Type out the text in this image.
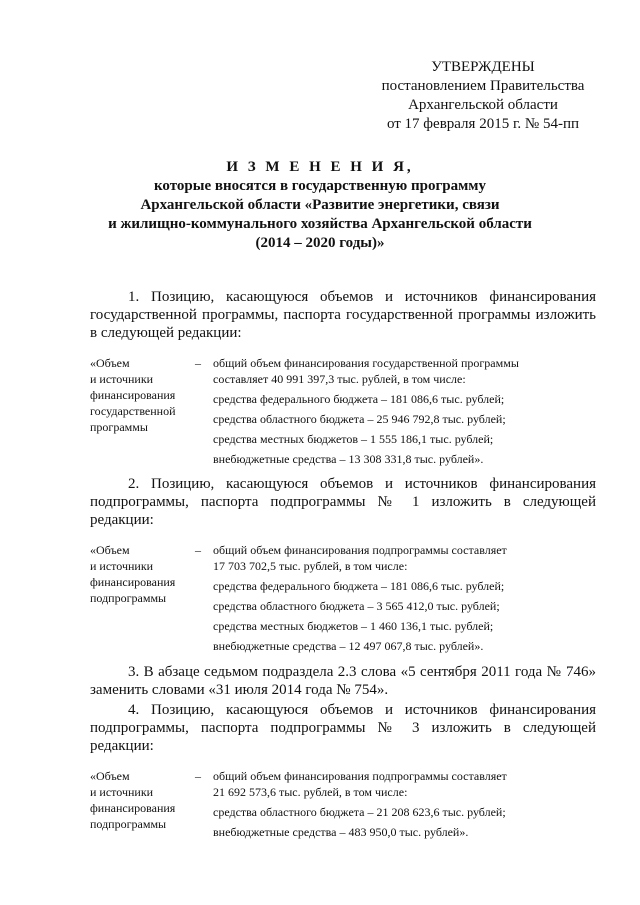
УТВЕРЖДЕНЫ
постановлением Правительства
Архангельской области
от 17 февраля 2015 г. № 54-пп
И З М Е Н Е Н И Я,
которые вносятся в государственную программу
Архангельской области «Развитие энергетики, связи
и жилищно-коммунального хозяйства Архангельской области
(2014 – 2020 годы)»
1. Позицию, касающуюся объемов и источников финансирования
государственной программы, паспорта государственной программы изложить
в следующей редакции:
«Объем
и источники
финансирования
государственной
программы
– общий объем финансирования государственной программы
составляет 40 991 397,3 тыс. рублей, в том числе:
средства федерального бюджета – 181 086,6 тыс. рублей;
средства областного бюджета – 25 946 792,8 тыс. рублей;
средства местных бюджетов – 1 555 186,1 тыс. рублей;
внебюджетные средства – 13 308 331,8 тыс. рублей».
2. Позицию, касающуюся объемов и источников финансирования
подпрограммы, паспорта подпрограммы № 1 изложить в следующей
редакции:
«Объем
и источники
финансирования
подпрограммы
– общий объем финансирования подпрограммы составляет
17 703 702,5 тыс. рублей, в том числе:
средства федерального бюджета – 181 086,6 тыс. рублей;
средства областного бюджета – 3 565 412,0 тыс. рублей;
средства местных бюджетов – 1 460 136,1 тыс. рублей;
внебюджетные средства – 12 497 067,8 тыс. рублей».
3. В абзаце седьмом подраздела 2.3 слова «5 сентября 2011 года № 746»
заменить словами «31 июля 2014 года № 754».
4. Позицию, касающуюся объемов и источников финансирования
подпрограммы, паспорта подпрограммы № 3 изложить в следующей
редакции:
«Объем
и источники
финансирования
подпрограммы
– общий объем финансирования подпрограммы составляет
21 692 573,6 тыс. рублей, в том числе:
средства областного бюджета – 21 208 623,6 тыс. рублей;
внебюджетные средства – 483 950,0 тыс. рублей».
